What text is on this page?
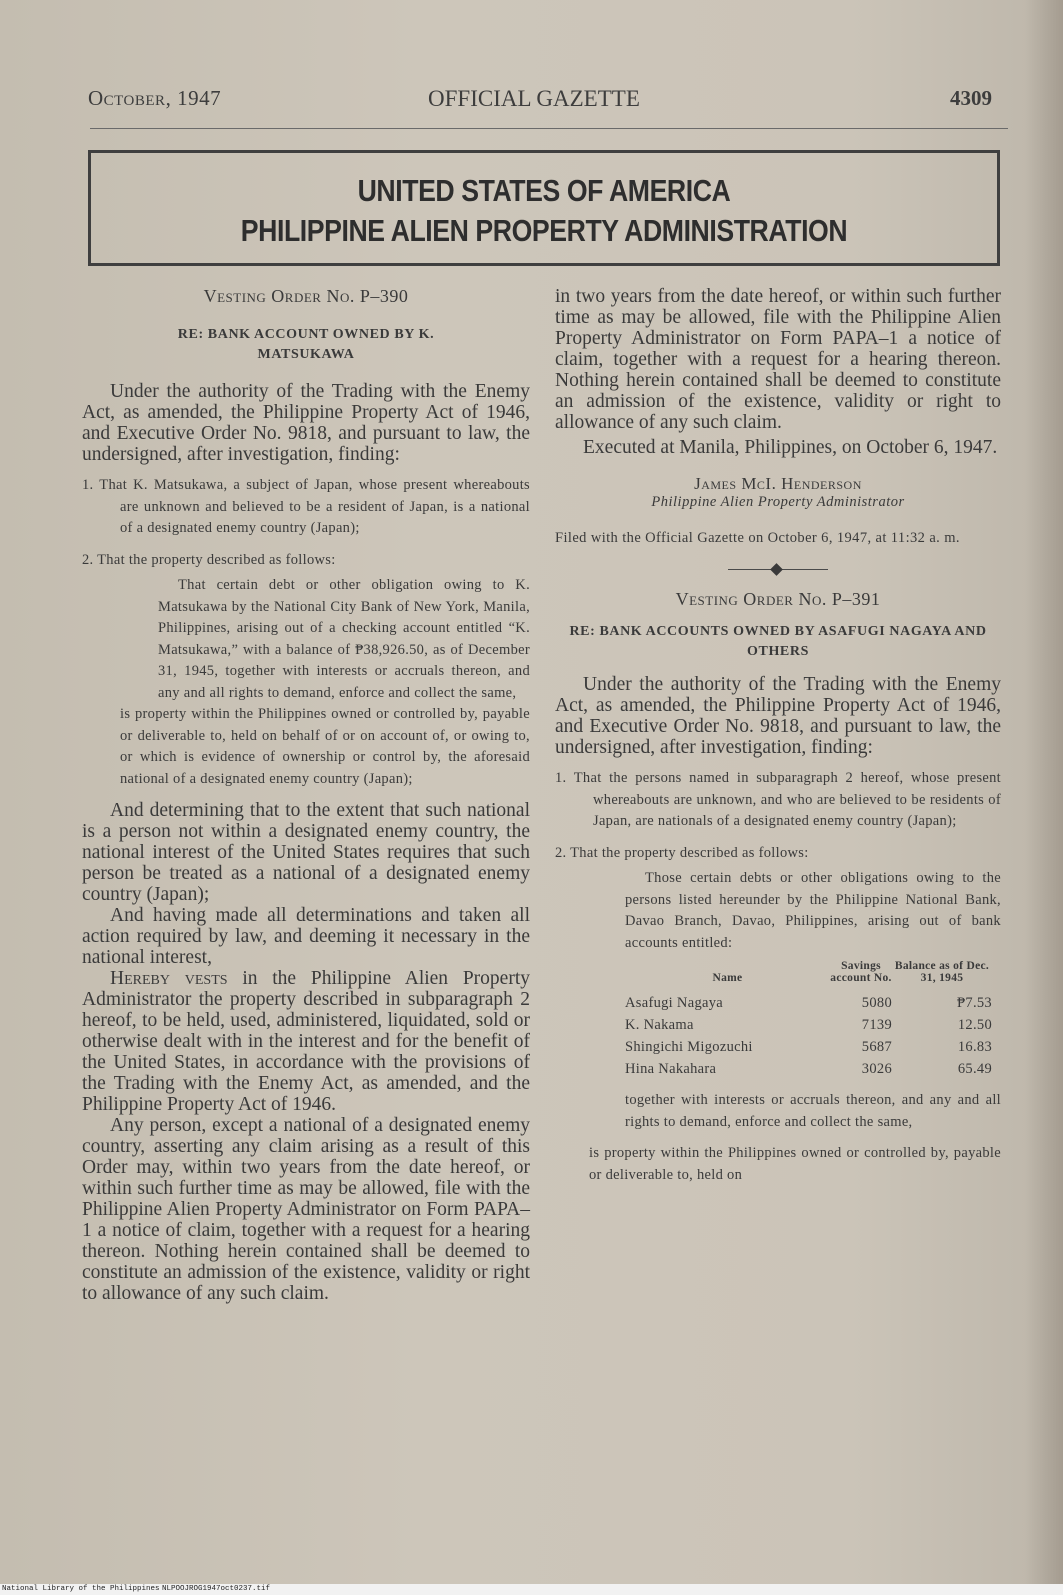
October, 1947	OFFICIAL GAZETTE	4309
UNITED STATES OF AMERICA
PHILIPPINE ALIEN PROPERTY ADMINISTRATION

Vesting Order No. P–390

RE: BANK ACCOUNT OWNED BY K. MATSUKAWA

Under the authority of the Trading with the Enemy Act, as amended, the Philippine Property Act of 1946, and Executive Order No. 9818, and pursuant to law, the undersigned, after investigation, finding:

1. That K. Matsukawa, a subject of Japan, whose present whereabouts are unknown and believed to be a resident of Japan, is a national of a designated enemy country (Japan);

2. That the property described as follows:

That certain debt or other obligation owing to K. Matsukawa by the National City Bank of New York, Manila, Philippines, arising out of a checking account entitled “K. Matsukawa,” with a balance of ₱38,926.50, as of December 31, 1945, together with interests or accruals thereon, and any and all rights to demand, enforce and collect the same,

is property within the Philippines owned or controlled by, payable or deliverable to, held on behalf of or on account of, or owing to, or which is evidence of ownership or control by, the aforesaid national of a designated enemy country (Japan);

And determining that to the extent that such national is a person not within a designated enemy country, the national interest of the United States requires that such person be treated as a national of a designated enemy country (Japan);

And having made all determinations and taken all action required by law, and deeming it necessary in the national interest,

Hereby vests in the Philippine Alien Property Administrator the property described in subparagraph 2 hereof, to be held, used, administered, liquidated, sold or otherwise dealt with in the interest and for the benefit of the United States, in accordance with the provisions of the Trading with the Enemy Act, as amended, and the Philippine Property Act of 1946.

Any person, except a national of a designated enemy country, asserting any claim arising as a result of this Order may, within two years from the date hereof, or within such further time as may be allowed, file with the Philippine Alien Property Administrator on Form PAPA–1 a notice of claim, together with a request for a hearing thereon. Nothing herein contained shall be deemed to constitute an admission of the existence, validity or right to allowance of any such claim.

in two years from the date hereof, or within such further time as may be allowed, file with the Philippine Alien Property Administrator on Form PAPA–1 a notice of claim, together with a request for a hearing thereon. Nothing herein contained shall be deemed to constitute an admission of the existence, validity or right to allowance of any such claim.

Executed at Manila, Philippines, on October 6, 1947.

James McI. Henderson

Philippine Alien Property Administrator

Filed with the Official Gazette on October 6, 1947, at 11:32 a. m.

Vesting Order No. P–391

RE: BANK ACCOUNTS OWNED BY ASAFUGI NAGAYA AND OTHERS

Under the authority of the Trading with the Enemy Act, as amended, the Philippine Property Act of 1946, and Executive Order No. 9818, and pursuant to law, the undersigned, after investigation, finding:

1. That the persons named in subparagraph 2 hereof, whose present whereabouts are unknown, and who are believed to be residents of Japan, are nationals of a designated enemy country (Japan);

2. That the property described as follows:

Those certain debts or other obligations owing to the persons listed hereunder by the Philippine National Bank, Davao Branch, Davao, Philippines, arising out of bank accounts entitled:

Name	Savings account No.	Balance as of Dec. 31, 1945
Asafugi Nagaya	5080	₱7.53
K. Nakama	7139	12.50
Shingichi Migozuchi	5687	16.83
Hina Nakahara	3026	65.49

together with interests or accruals thereon, and any and all rights to demand, enforce and collect the same,

is property within the Philippines owned or controlled by, payable or deliverable to, held on

National Library of the Philippines NLPOOJROG1947oct0237.tif
